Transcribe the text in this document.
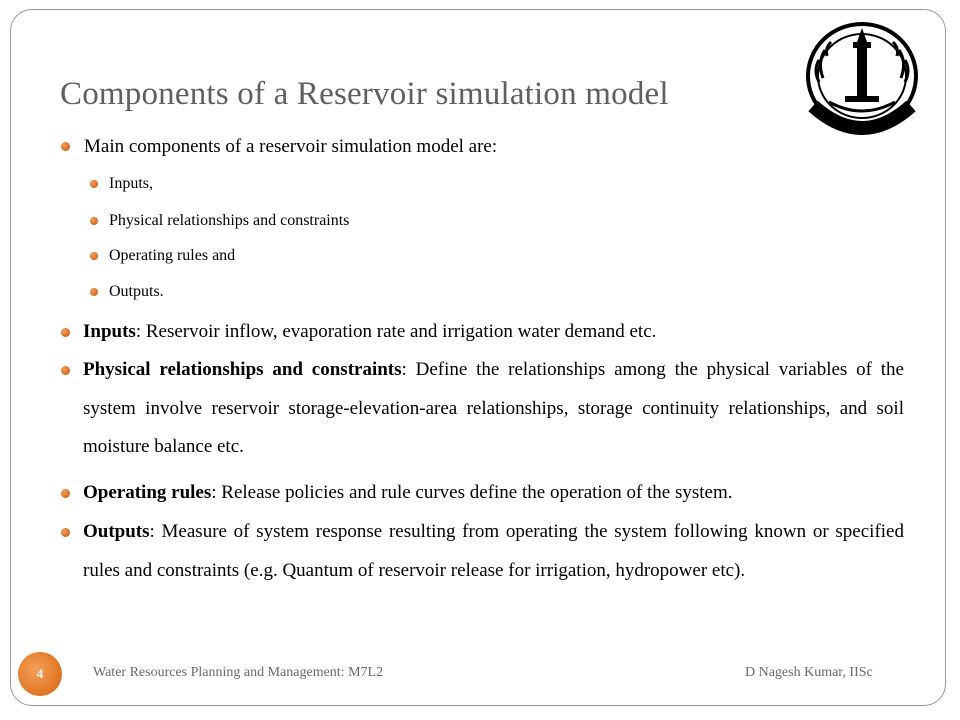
Components of a Reservoir simulation model
Main components of a reservoir simulation model are:
Inputs,
Physical relationships and constraints
Operating rules and
Outputs.
Inputs: Reservoir inflow, evaporation rate and irrigation water demand etc.
Physical relationships and constraints: Define the relationships among the physical variables of the system involve reservoir storage-elevation-area relationships, storage continuity relationships, and soil moisture balance etc.
Operating rules: Release policies and rule curves define the operation of the system.
Outputs: Measure of system response resulting from operating the system following known or specified rules and constraints (e.g. Quantum of reservoir release for irrigation, hydropower etc).
4	Water Resources Planning and Management: M7L2	D Nagesh Kumar, IISc
